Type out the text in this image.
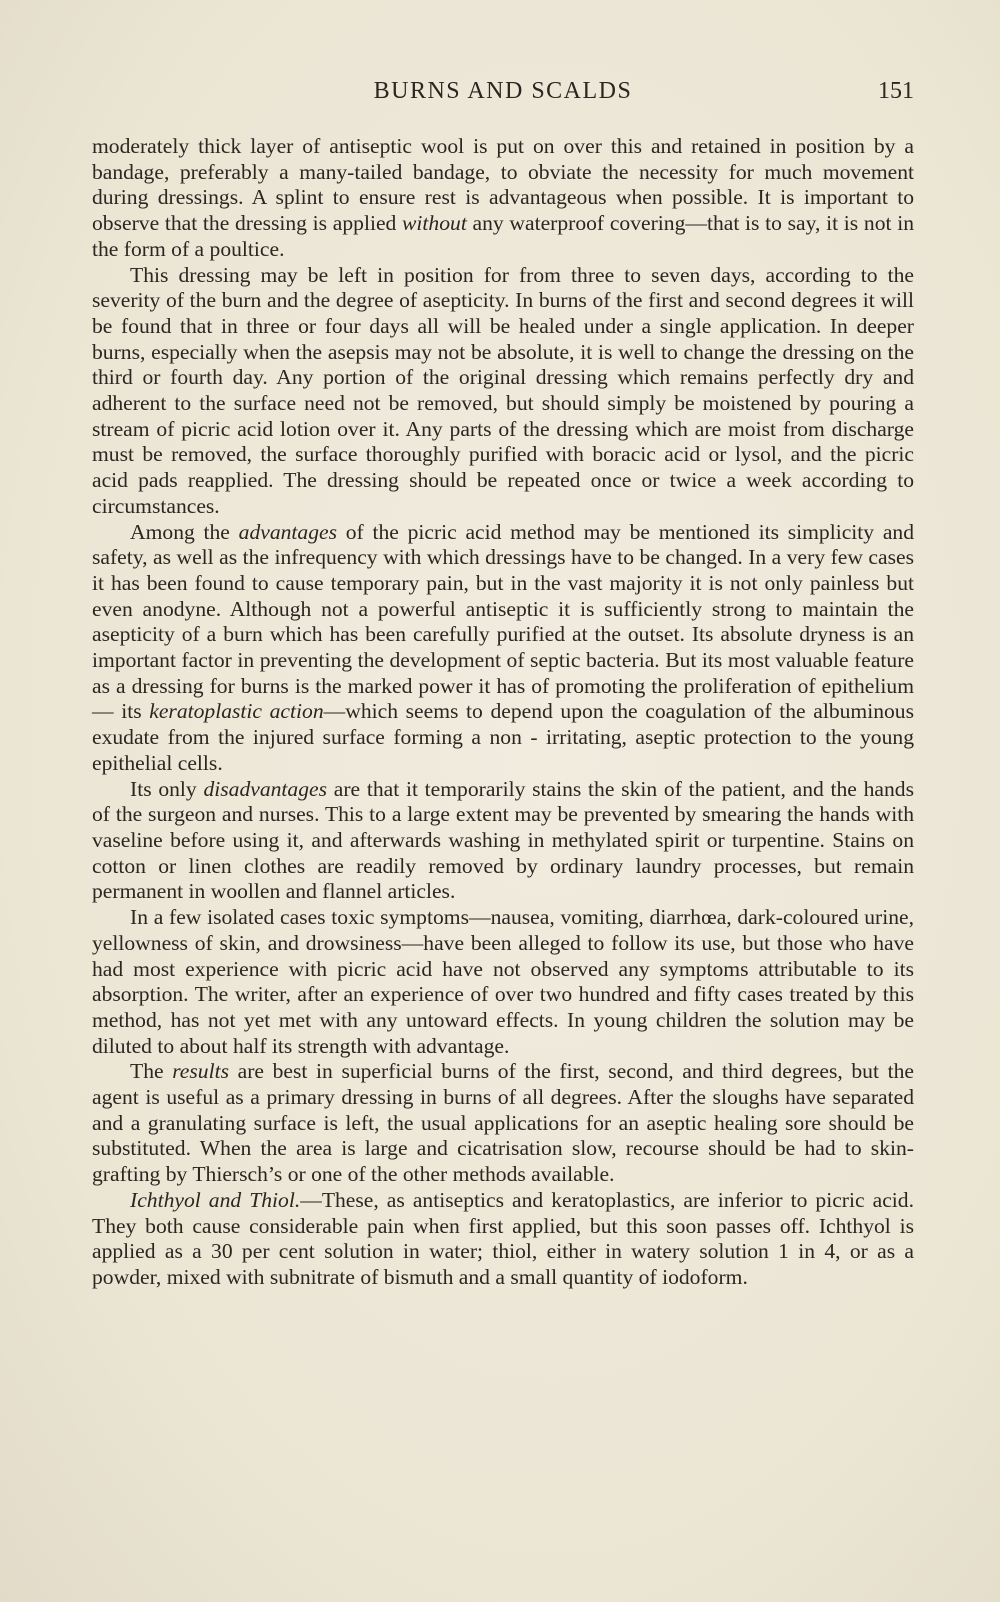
BURNS AND SCALDS	151

moderately thick layer of antiseptic wool is put on over this and retained in position by a bandage, preferably a many-tailed bandage, to obviate the necessity for much movement during dressings. A splint to ensure rest is advantageous when possible. It is important to observe that the dressing is applied without any waterproof covering—that is to say, it is not in the form of a poultice.

This dressing may be left in position for from three to seven days, according to the severity of the burn and the degree of asepticity. In burns of the first and second degrees it will be found that in three or four days all will be healed under a single application. In deeper burns, especially when the asepsis may not be absolute, it is well to change the dressing on the third or fourth day. Any portion of the original dressing which remains perfectly dry and adherent to the surface need not be removed, but should simply be moistened by pouring a stream of picric acid lotion over it. Any parts of the dressing which are moist from discharge must be removed, the surface thoroughly purified with boracic acid or lysol, and the picric acid pads reapplied. The dressing should be repeated once or twice a week according to circumstances.

Among the advantages of the picric acid method may be mentioned its simplicity and safety, as well as the infrequency with which dressings have to be changed. In a very few cases it has been found to cause temporary pain, but in the vast majority it is not only painless but even anodyne. Although not a powerful antiseptic it is sufficiently strong to maintain the asepticity of a burn which has been carefully purified at the outset. Its absolute dryness is an important factor in preventing the development of septic bacteria. But its most valuable feature as a dressing for burns is the marked power it has of promoting the proliferation of epithelium — its keratoplastic action—which seems to depend upon the coagulation of the albuminous exudate from the injured surface forming a non - irritating, aseptic protection to the young epithelial cells.

Its only disadvantages are that it temporarily stains the skin of the patient, and the hands of the surgeon and nurses. This to a large extent may be prevented by smearing the hands with vaseline before using it, and afterwards washing in methylated spirit or turpentine. Stains on cotton or linen clothes are readily removed by ordinary laundry processes, but remain permanent in woollen and flannel articles.

In a few isolated cases toxic symptoms—nausea, vomiting, diarrhœa, dark-coloured urine, yellowness of skin, and drowsiness—have been alleged to follow its use, but those who have had most experience with picric acid have not observed any symptoms attributable to its absorption. The writer, after an experience of over two hundred and fifty cases treated by this method, has not yet met with any untoward effects. In young children the solution may be diluted to about half its strength with advantage.

The results are best in superficial burns of the first, second, and third degrees, but the agent is useful as a primary dressing in burns of all degrees. After the sloughs have separated and a granulating surface is left, the usual applications for an aseptic healing sore should be substituted. When the area is large and cicatrisation slow, recourse should be had to skin-grafting by Thiersch’s or one of the other methods available.

Ichthyol and Thiol.—These, as antiseptics and keratoplastics, are inferior to picric acid. They both cause considerable pain when first applied, but this soon passes off. Ichthyol is applied as a 30 per cent solution in water; thiol, either in watery solution 1 in 4, or as a powder, mixed with subnitrate of bismuth and a small quantity of iodoform.
